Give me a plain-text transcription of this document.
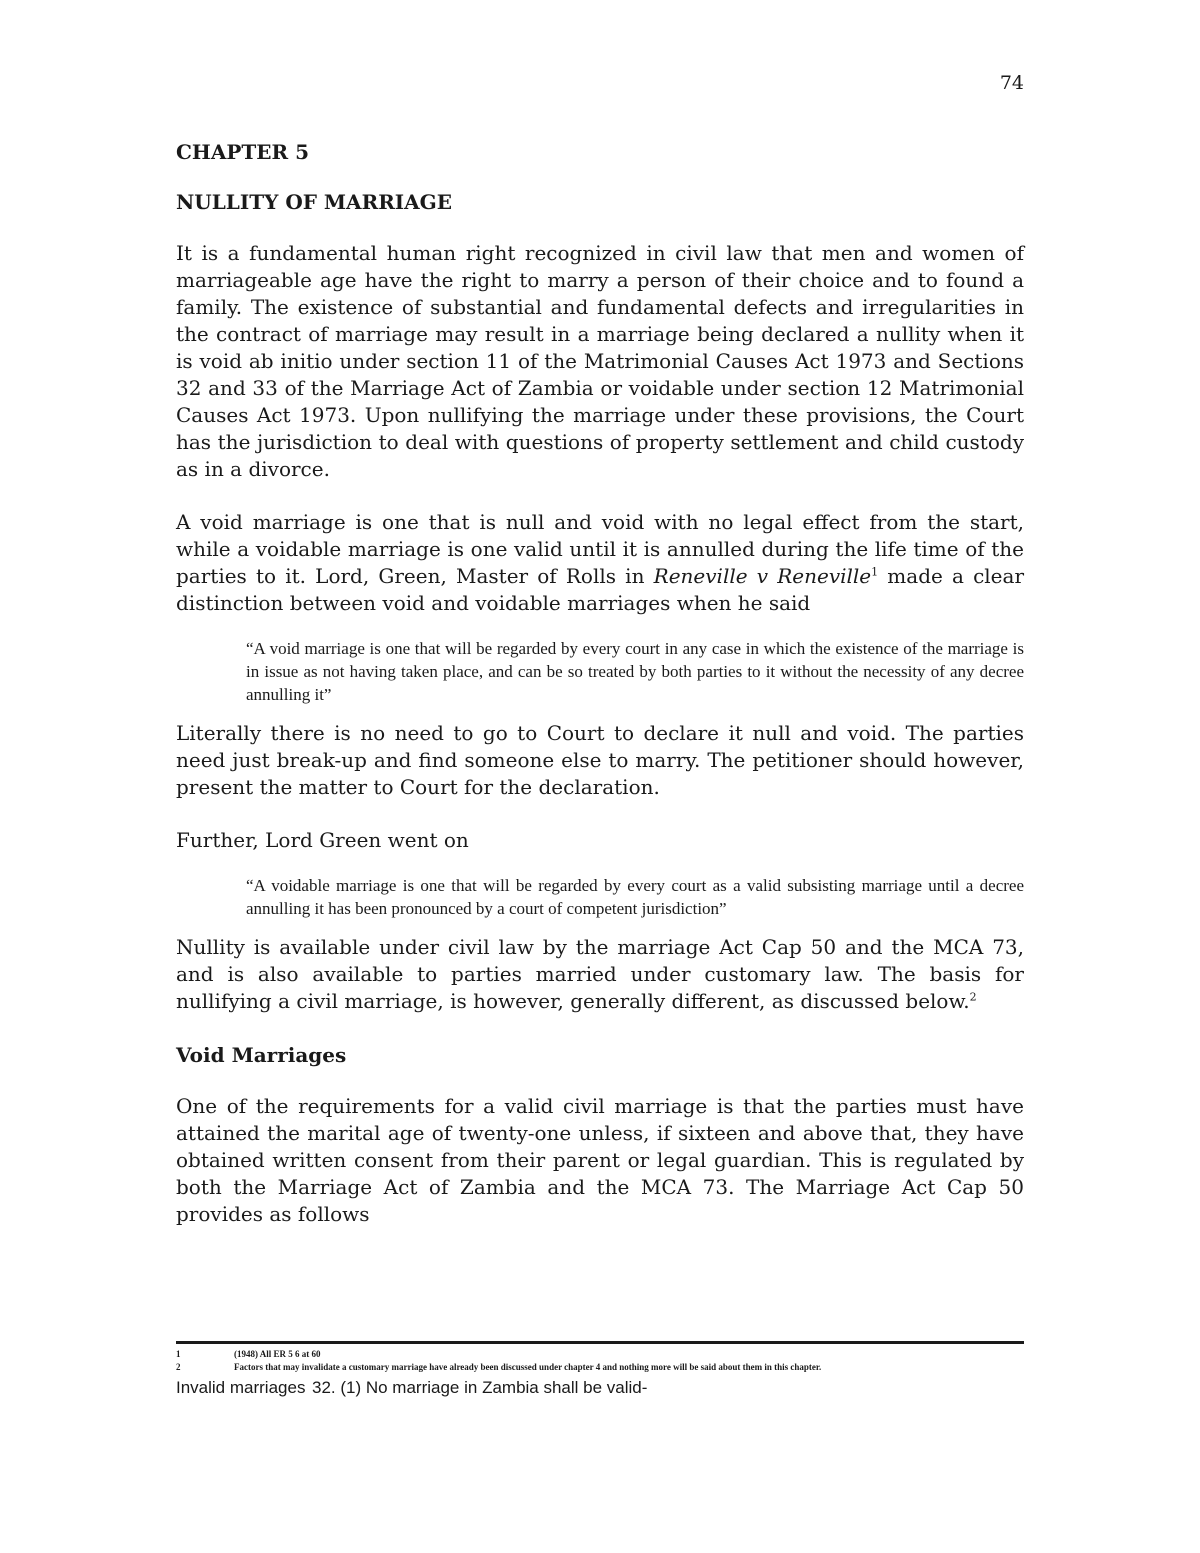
74
CHAPTER 5
NULLITY OF MARRIAGE

It is a fundamental human right recognized in civil law that men and women of marriageable age have the right to marry a person of their choice and to found a family. The existence of substantial and fundamental defects and irregularities in the contract of marriage may result in a marriage being declared a nullity when it is void ab initio under section 11 of the Matrimonial Causes Act 1973 and Sections 32 and 33 of the Marriage Act of Zambia or voidable under section 12 Matrimonial Causes Act 1973. Upon nullifying the marriage under these provisions, the Court has the jurisdiction to deal with questions of property settlement and child custody as in a divorce.

A void marriage is one that is null and void with no legal effect from the start, while a voidable marriage is one valid until it is annulled during the life time of the parties to it. Lord, Green, Master of Rolls in Reneville v Reneville$^1$ made a clear distinction between void and voidable marriages when he said

“A void marriage is one that will be regarded by every court in any case in which the existence of the marriage is in issue as not having taken place, and can be so treated by both parties to it without the necessity of any decree annulling it”

Literally there is no need to go to Court to declare it null and void. The parties need just break-up and find someone else to marry. The petitioner should however, present the matter to Court for the declaration.

Further, Lord Green went on

“A voidable marriage is one that will be regarded by every court as a valid subsisting marriage until a decree annulling it has been pronounced by a court of competent jurisdiction”

Nullity is available under civil law by the marriage Act Cap 50 and the MCA 73, and is also available to parties married under customary law. The basis for nullifying a civil marriage, is however, generally different, as discussed below.$^2$

Void Marriages

One of the requirements for a valid civil marriage is that the parties must have attained the marital age of twenty-one unless, if sixteen and above that, they have obtained written consent from their parent or legal guardian. This is regulated by both the Marriage Act of Zambia and the MCA 73. The Marriage Act Cap 50 provides as follows

1	(1948) All ER 5 6 at 60
2	Factors that may invalidate a customary marriage have already been discussed under chapter 4 and nothing more will be said about them in this chapter.
Invalid marriages 32. (1) No marriage in Zambia shall be valid-
